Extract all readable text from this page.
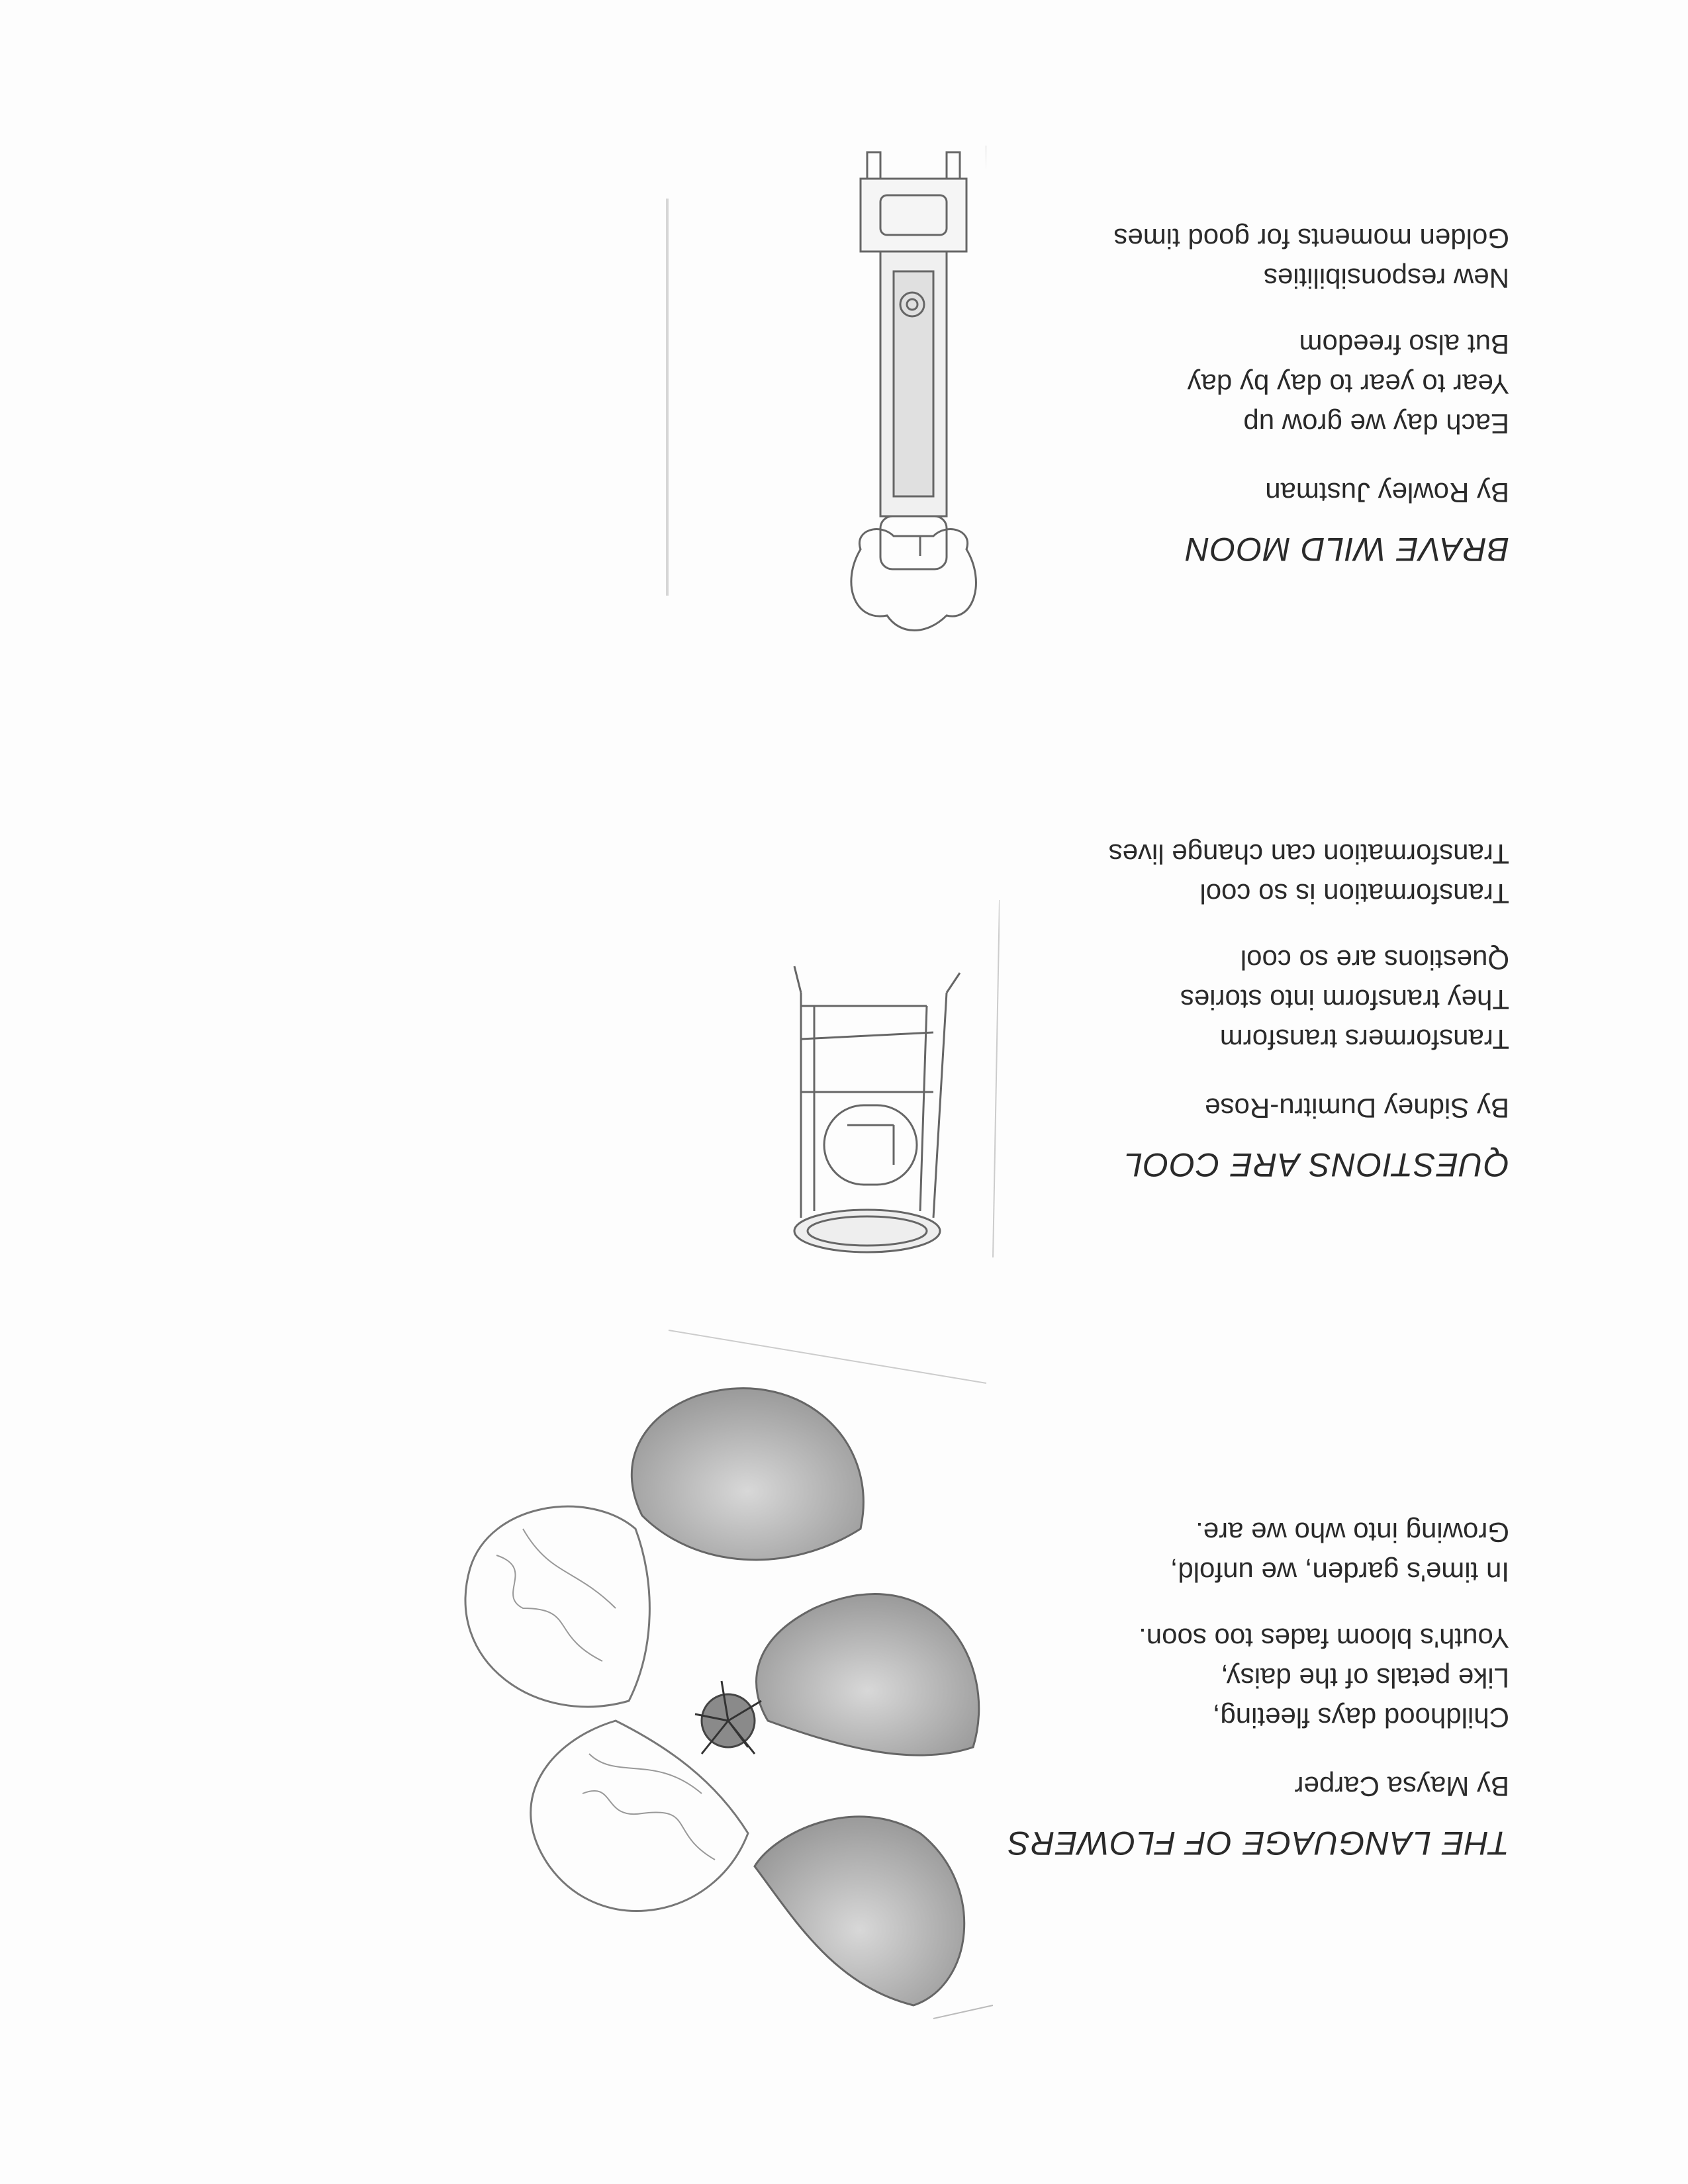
THE LANGUAGE OF FLOWERS
By Maysa Carper
Childhood days fleeting,
Like petals of the daisy,
Youth's bloom fades too soon.
In time's garden, we unfold,
Growing into who we are.
QUESTIONS ARE COOL
By Sidney Dumitru-Rose
Transformers transform
They transform into stories
Questions are so cool
Transformation is so cool
Transformation can change lives
BRAVE WILD MOON
By Rowley Justman
Each day we grow up
Year to year to day by day
But also freedom
New responsibilities
Golden moments for good times
